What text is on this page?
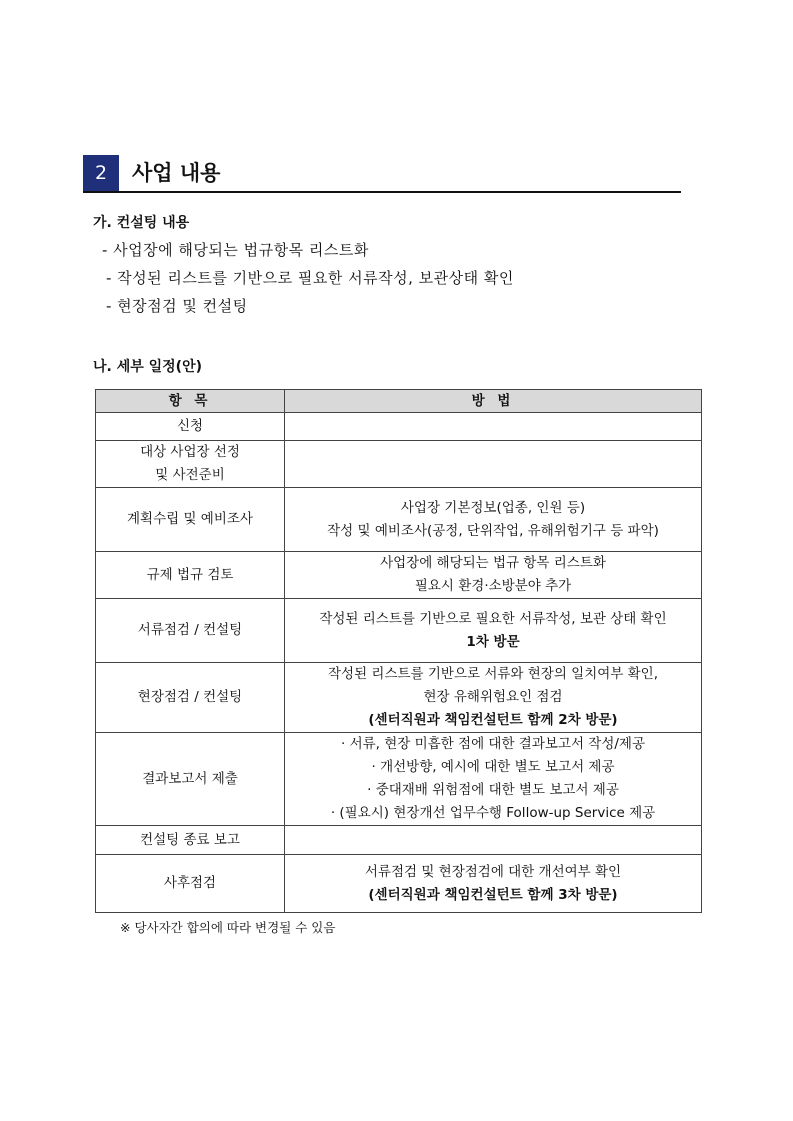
2	사업 내용
가. 컨설팅 내용
- 사업장에 해당되는 법규항목 리스트화
- 작성된 리스트를 기반으로 필요한 서류작성, 보관상태 확인
- 현장점검 및 컨설팅
나. 세부 일정(안)
항 목	방 법

신청	

대상 사업장 선정
및 사전준비	

계획수립 및 예비조사	사업장 기본정보(업종, 인원 등)
작성 및 예비조사(공정, 단위작업, 유해위험기구 등 파악)

규제 법규 검토	사업장에 해당되는 법규 항목 리스트화
필요시 환경·소방분야 추가

서류점검 / 컨설팅	작성된 리스트를 기반으로 필요한 서류작성, 보관 상태 확인
1차 방문

현장점검 / 컨설팅	작성된 리스트를 기반으로 서류와 현장의 일치여부 확인,
현장 유해위험요인 점검
(센터직원과 책임컨설턴트 함께 2차 방문)

결과보고서 제출	· 서류, 현장 미흡한 점에 대한 결과보고서 작성/제공
· 개선방향, 예시에 대한 별도 보고서 제공
· 중대재배 위험점에 대한 별도 보고서 제공
· (필요시) 현장개선 업무수행 Follow-up Service 제공

컨설팅 종료 보고	

사후점검	서류점검 및 현장점검에 대한 개선여부 확인
(센터직원과 책임컨설턴트 함께 3차 방문)
※ 당사자간 합의에 따라 변경될 수 있음
